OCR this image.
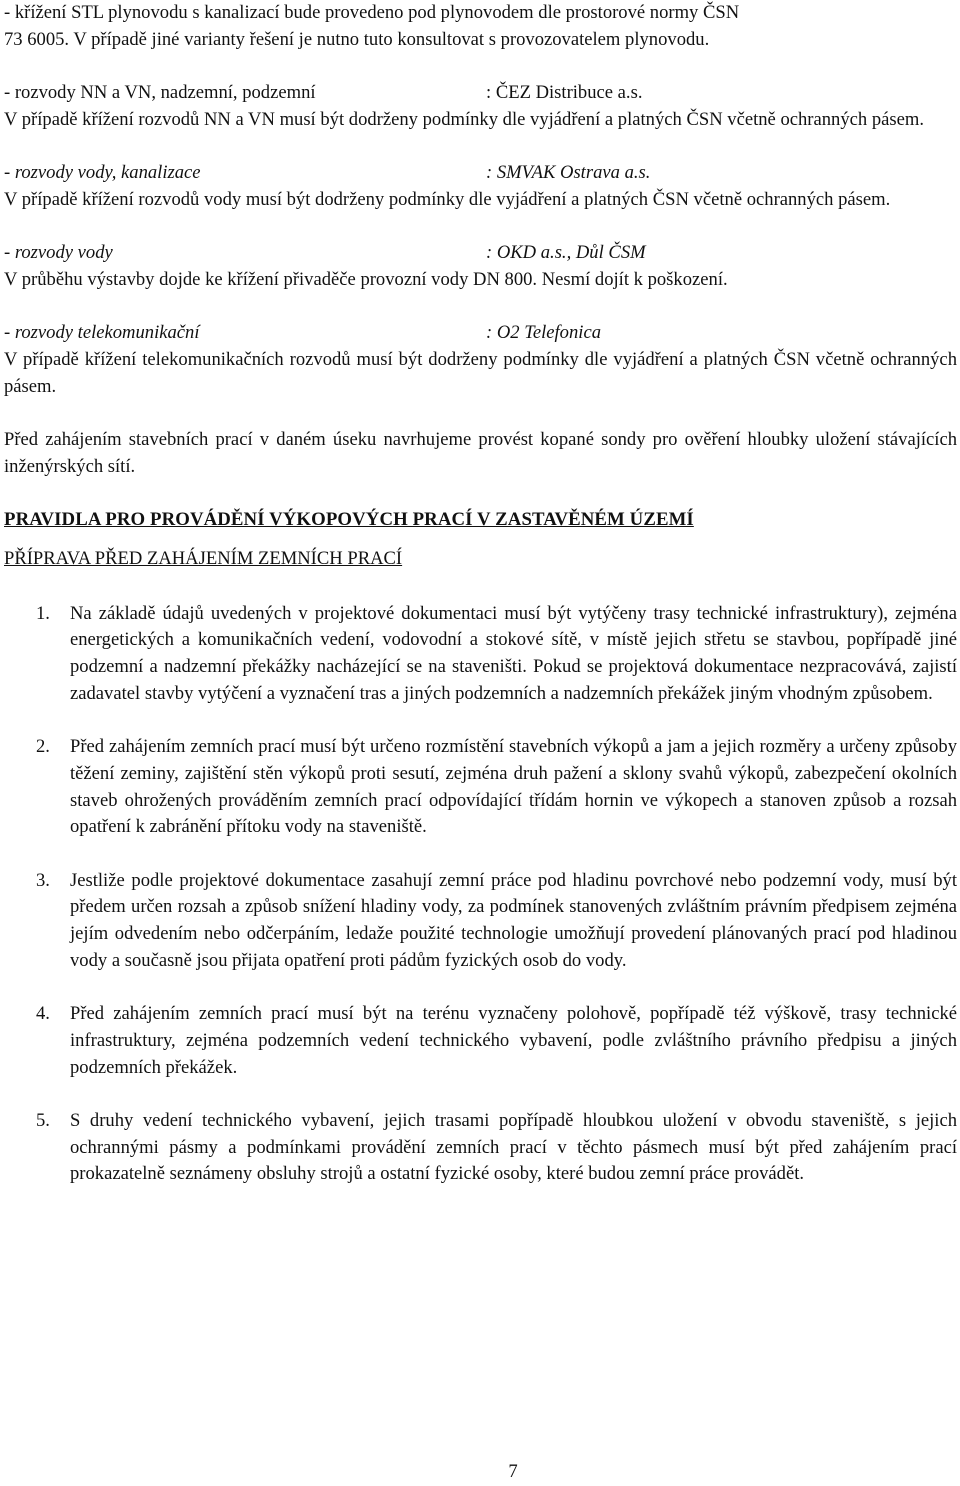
- křížení STL plynovodu s kanalizací bude provedeno pod plynovodem dle prostorové normy ČSN

73 6005. V případě jiné varianty řešení je nutno tuto konsultovat s provozovatelem plynovodu.

- rozvody NN a VN, nadzemní, podzemní	: ČEZ Distribuce a.s.

V případě křížení rozvodů NN a VN musí být dodrženy podmínky dle vyjádření a platných ČSN včetně ochranných pásem.

- rozvody vody, kanalizace	: SMVAK Ostrava a.s.

V případě křížení rozvodů vody musí být dodrženy podmínky dle vyjádření a platných ČSN včetně ochranných pásem.

- rozvody vody	: OKD a.s., Důl ČSM

V průběhu výstavby dojde ke křížení přivaděče provozní vody DN 800. Nesmí dojít k poškození.

- rozvody telekomunikační	: O2 Telefonica

V případě křížení telekomunikačních rozvodů musí být dodrženy podmínky dle vyjádření a platných ČSN včetně ochranných pásem.

Před zahájením stavebních prací v daném úseku navrhujeme provést kopané sondy pro ověření hloubky uložení stávajících inženýrských sítí.

PRAVIDLA PRO PROVÁDĚNÍ VÝKOPOVÝCH PRACÍ V ZASTAVĚNÉM ÚZEMÍ

PŘÍPRAVA PŘED ZAHÁJENÍM ZEMNÍCH PRACÍ

1. Na základě údajů uvedených v projektové dokumentaci musí být vytýčeny trasy technické infrastruktury), zejména energetických a komunikačních vedení, vodovodní a stokové sítě, v místě jejich střetu se stavbou, popřípadě jiné podzemní a nadzemní překážky nacházející se na staveništi. Pokud se projektová dokumentace nezpracovává, zajistí zadavatel stavby vytýčení a vyznačení tras a jiných podzemních a nadzemních překážek jiným vhodným způsobem.
2. Před zahájením zemních prací musí být určeno rozmístění stavebních výkopů a jam a jejich rozměry a určeny způsoby těžení zeminy, zajištění stěn výkopů proti sesutí, zejména druh pažení a sklony svahů výkopů, zabezpečení okolních staveb ohrožených prováděním zemních prací odpovídající třídám hornin ve výkopech a stanoven způsob a rozsah opatření k zabránění přítoku vody na staveniště.
3. Jestliže podle projektové dokumentace zasahují zemní práce pod hladinu povrchové nebo podzemní vody, musí být předem určen rozsah a způsob snížení hladiny vody, za podmínek stanovených zvláštním právním předpisem zejména jejím odvedením nebo odčerpáním, ledaže použité technologie umožňují provedení plánovaných prací pod hladinou vody a současně jsou přijata opatření proti pádům fyzických osob do vody.
4. Před zahájením zemních prací musí být na terénu vyznačeny polohově, popřípadě též výškově, trasy technické infrastruktury, zejména podzemních vedení technického vybavení, podle zvláštního právního předpisu a jiných podzemních překážek.
5. S druhy vedení technického vybavení, jejich trasami popřípadě hloubkou uložení v obvodu staveniště, s jejich ochrannými pásmy a podmínkami provádění zemních prací v těchto pásmech musí být před zahájením prací prokazatelně seznámeny obsluhy strojů a ostatní fyzické osoby, které budou zemní práce provádět.
7
